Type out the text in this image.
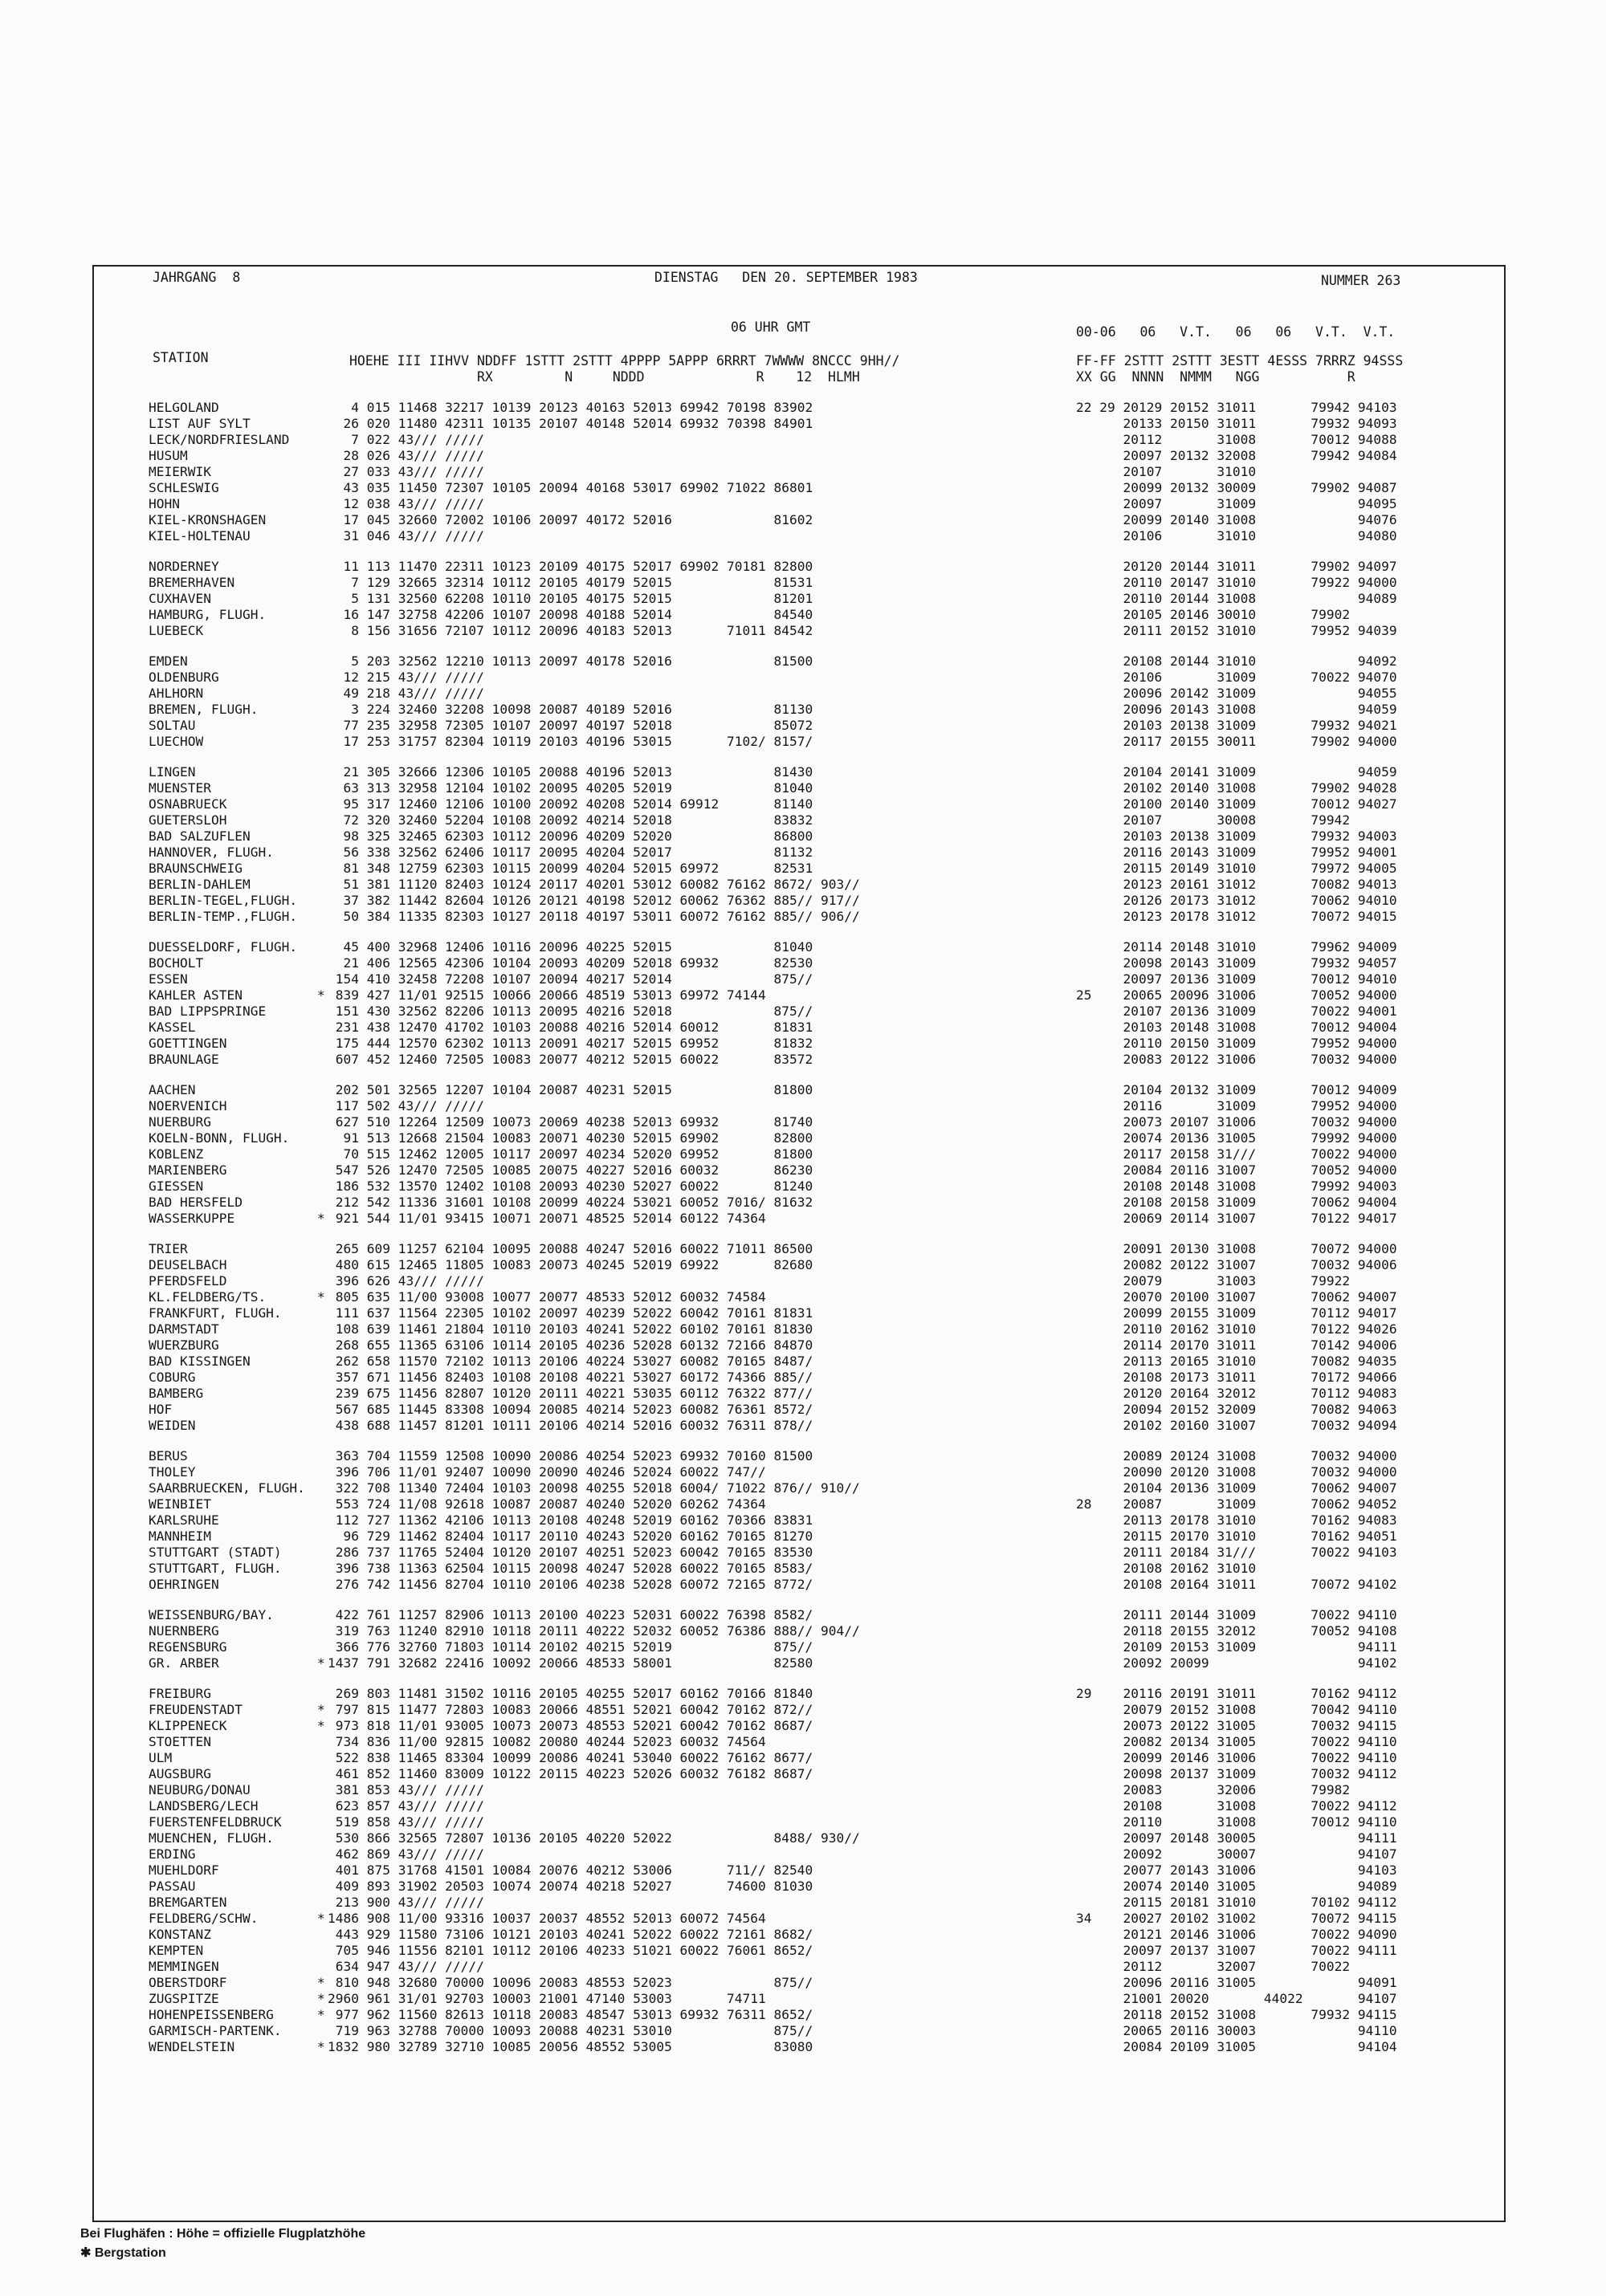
JAHRGANG  8	DIENSTAG   DEN 20. SEPTEMBER 1983	NUMMER 263
06 UHR GMT	00-06   06   V.T.   06   06   V.T.  V.T.
STATION	HOEHE III IIHVV NDDFF 1STTT 2STTT 4PPPP 5APPP 6RRRT 7WWWW 8NCCC 9HH//
RX         N     NDDD              R    12  HLMH
FF-FF 2STTT 2STTT 3ESTT 4ESSS 7RRRZ 94SSS
XX GG  NNNN  NMMM   NGG           R
HELGOLAND	4 015 11468 32217 10139 20123 40163 52013 69942 70198 83902	22 29 20129 20152 31011       79942 94103
LIST AUF SYLT	26 020 11480 42311 10135 20107 40148 52014 69932 70398 84901	20133 20150 31011       79932 94093
LECK/NORDFRIESLAND	7 022 43/// /////	20112       31008       70012 94088
HUSUM	28 026 43/// /////	20097 20132 32008       79942 94084
MEIERWIK	27 033 43/// /////	20107       31010
SCHLESWIG	43 035 11450 72307 10105 20094 40168 53017 69902 71022 86801	20099 20132 30009       79902 94087
HOHN	12 038 43/// /////	20097       31009             94095
KIEL-KRONSHAGEN	17 045 32660 72002 10106 20097 40172 52016             81602	20099 20140 31008             94076
KIEL-HOLTENAU	31 046 43/// /////	20106       31010             94080
NORDERNEY	11 113 11470 22311 10123 20109 40175 52017 69902 70181 82800	20120 20144 31011       79902 94097
BREMERHAVEN	7 129 32665 32314 10112 20105 40179 52015             81531	20110 20147 31010       79922 94000
CUXHAVEN	5 131 32560 62208 10110 20105 40175 52015             81201	20110 20144 31008             94089
HAMBURG, FLUGH.	16 147 32758 42206 10107 20098 40188 52014             84540	20105 20146 30010       79902
LUEBECK	8 156 31656 72107 10112 20096 40183 52013       71011 84542	20111 20152 31010       79952 94039
EMDEN	5 203 32562 12210 10113 20097 40178 52016             81500	20108 20144 31010             94092
OLDENBURG	12 215 43/// /////	20106       31009       70022 94070
AHLHORN	49 218 43/// /////	20096 20142 31009             94055
BREMEN, FLUGH.	3 224 32460 32208 10098 20087 40189 52016             81130	20096 20143 31008             94059
SOLTAU	77 235 32958 72305 10107 20097 40197 52018             85072	20103 20138 31009       79932 94021
LUECHOW	17 253 31757 82304 10119 20103 40196 53015       7102/ 8157/	20117 20155 30011       79902 94000
LINGEN	21 305 32666 12306 10105 20088 40196 52013             81430	20104 20141 31009             94059
MUENSTER	63 313 32958 12104 10102 20095 40205 52019             81040	20102 20140 31008       79902 94028
OSNABRUECK	95 317 12460 12106 10100 20092 40208 52014 69912       81140	20100 20140 31009       70012 94027
GUETERSLOH	72 320 32460 52204 10108 20092 40214 52018             83832	20107       30008       79942
BAD SALZUFLEN	98 325 32465 62303 10112 20096 40209 52020             86800	20103 20138 31009       79932 94003
HANNOVER, FLUGH.	56 338 32562 62406 10117 20095 40204 52017             81132	20116 20143 31009       79952 94001
BRAUNSCHWEIG	81 348 12759 62303 10115 20099 40204 52015 69972       82531	20115 20149 31010       79972 94005
BERLIN-DAHLEM	51 381 11120 82403 10124 20117 40201 53012 60082 76162 8672/ 903//	20123 20161 31012       70082 94013
BERLIN-TEGEL,FLUGH. 37 382 11442 82604 10126 20121 40198 52012 60062 76362 885// 917//	20126 20173 31012       70062 94010
BERLIN-TEMP.,FLUGH. 50 384 11335 82303 10127 20118 40197 53011 60072 76162 885// 906//	20123 20178 31012       70072 94015
DUESSELDORF, FLUGH. 45 400 32968 12406 10116 20096 40225 52015             81040	20114 20148 31010       79962 94009
BOCHOLT	21 406 12565 42306 10104 20093 40209 52018 69932       82530	20098 20143 31009       79932 94057
ESSEN	154 410 32458 72208 10107 20094 40217 52014             875//	20097 20136 31009       70012 94010
KAHLER ASTEN	* 839 427 11/01 92515 10066 20066 48519 53013 69972 74144	25    20065 20096 31006       70052 94000
BAD LIPPSPRINGE	151 430 32562 82206 10113 20095 40216 52018             875//	20107 20136 31009       70022 94001
KASSEL	231 438 12470 41702 10103 20088 40216 52014 60012       81831	20103 20148 31008       70012 94004
GOETTINGEN	175 444 12570 62302 10113 20091 40217 52015 69952       81832	20110 20150 31009       79952 94000
BRAUNLAGE	607 452 12460 72505 10083 20077 40212 52015 60022       83572	20083 20122 31006       70032 94000
AACHEN	202 501 32565 12207 10104 20087 40231 52015             81800	20104 20132 31009       70012 94009
NOERVENICH	117 502 43/// /////	20116       31009       79952 94000
NUERBURG	627 510 12264 12509 10073 20069 40238 52013 69932       81740	20073 20107 31006       70032 94000
KOELN-BONN, FLUGH.	91 513 12668 21504 10083 20071 40230 52015 69902       82800	20074 20136 31005       79992 94000
KOBLENZ	70 515 12462 12005 10117 20097 40234 52020 69952       81800	20117 20158 31///       70022 94000
MARIENBERG	547 526 12470 72505 10085 20075 40227 52016 60032       86230	20084 20116 31007       70052 94000
GIESSEN	186 532 13570 12402 10108 20093 40230 52027 60022       81240	20108 20148 31008       79992 94003
BAD HERSFELD	212 542 11336 31601 10108 20099 40224 53021 60052 7016/ 81632	20108 20158 31009       70062 94004
WASSERKUPPE	* 921 544 11/01 93415 10071 20071 48525 52014 60122 74364	20069 20114 31007       70122 94017
TRIER	265 609 11257 62104 10095 20088 40247 52016 60022 71011 86500	20091 20130 31008       70072 94000
DEUSELBACH	480 615 12465 11805 10083 20073 40245 52019 69922       82680	20082 20122 31007       70032 94006
PFERDSFELD	396 626 43/// /////	20079       31003       79922
KL.FELDBERG/TS.	* 805 635 11/00 93008 10077 20077 48533 52012 60032 74584	20070 20100 31007       70062 94007
FRANKFURT, FLUGH.	111 637 11564 22305 10102 20097 40239 52022 60042 70161 81831	20099 20155 31009       70112 94017
DARMSTADT	108 639 11461 21804 10110 20103 40241 52022 60102 70161 81830	20110 20162 31010       70122 94026
WUERZBURG	268 655 11365 63106 10114 20105 40236 52028 60132 72166 84870	20114 20170 31011       70142 94006
BAD KISSINGEN	262 658 11570 72102 10113 20106 40224 53027 60082 70165 8487/	20113 20165 31010       70082 94035
COBURG	357 671 11456 82403 10108 20108 40221 53027 60172 74366 885//	20108 20173 31011       70172 94066
BAMBERG	239 675 11456 82807 10120 20111 40221 53035 60112 76322 877//	20120 20164 32012       70112 94083
HOF	567 685 11445 83308 10094 20085 40214 52023 60082 76361 8572/	20094 20152 32009       70082 94063
WEIDEN	438 688 11457 81201 10111 20106 40214 52016 60032 76311 878//	20102 20160 31007       70032 94094
BERUS	363 704 11559 12508 10090 20086 40254 52023 69932 70160 81500	20089 20124 31008       70032 94000
THOLEY	396 706 11/01 92407 10090 20090 40246 52024 60022 747//	20090 20120 31008       70032 94000
SAARBRUECKEN, FLUGH. 322 708 11340 72404 10103 20098 40255 52018 6004/ 71022 876// 910//	20104 20136 31009       70062 94007
WEINBIET	553 724 11/08 92618 10087 20087 40240 52020 60262 74364	28    20087       31009       70062 94052
KARLSRUHE	112 727 11362 42106 10113 20108 40248 52019 60162 70366 83831	20113 20178 31010       70162 94083
MANNHEIM	96 729 11462 82404 10117 20110 40243 52020 60162 70165 81270	20115 20170 31010       70162 94051
STUTTGART (STADT)	286 737 11765 52404 10120 20107 40251 52023 60042 70165 83530	20111 20184 31///       70022 94103
STUTTGART, FLUGH.	396 738 11363 62504 10115 20098 40247 52028 60022 70165 8583/	20108 20162 31010
OEHRINGEN	276 742 11456 82704 10110 20106 40238 52028 60072 72165 8772/	20108 20164 31011       70072 94102
WEISSENBURG/BAY.	422 761 11257 82906 10113 20100 40223 52031 60022 76398 8582/	20111 20144 31009       70022 94110
NUERNBERG	319 763 11240 82910 10118 20111 40222 52032 60052 76386 888// 904//	20118 20155 32012       70052 94108
REGENSBURG	366 776 32760 71803 10114 20102 40215 52019             875//	20109 20153 31009             94111
GR. ARBER	* 1437 791 32682 22416 10092 20066 48533 58001             82580	20092 20099                   94102
FREIBURG	269 803 11481 31502 10116 20105 40255 52017 60162 70166 81840	29    20116 20191 31011       70162 94112
FREUDENSTADT	* 797 815 11477 72803 10083 20066 48551 52021 60042 70162 872//	20079 20152 31008       70042 94110
KLIPPENECK	* 973 818 11/01 93005 10073 20073 48553 52021 60042 70162 8687/	20073 20122 31005       70032 94115
STOETTEN	734 836 11/00 92815 10082 20080 40244 52023 60032 74564	20082 20134 31005       70022 94110
ULM	522 838 11465 83304 10099 20086 40241 53040 60022 76162 8677/	20099 20146 31006       70022 94110
AUGSBURG	461 852 11460 83009 10122 20115 40223 52026 60032 76182 8687/	20098 20137 31009       70032 94112
NEUBURG/DONAU	381 853 43/// /////	20083       32006       79982
LANDSBERG/LECH	623 857 43/// /////	20108       31008       70022 94112
FUERSTENFELDBRUCK	519 858 43/// /////	20110       31008       70012 94110
MUENCHEN, FLUGH.	530 866 32565 72807 10136 20105 40220 52022             8488/ 930//	20097 20148 30005             94111
ERDING	462 869 43/// /////	20092       30007             94107
MUEHLDORF	401 875 31768 41501 10084 20076 40212 53006       711// 82540	20077 20143 31006             94103
PASSAU	409 893 31902 20503 10074 20074 40218 52027       74600 81030	20074 20140 31005             94089
BREMGARTEN	213 900 43/// /////	20115 20181 31010       70102 94112
FELDBERG/SCHW.	* 1486 908 11/00 93316 10037 20037 48552 52013 60072 74564	34    20027 20102 31002       70072 94115
KONSTANZ	443 929 11580 73106 10121 20103 40241 52022 60022 72161 8682/	20121 20146 31006       70022 94090
KEMPTEN	705 946 11556 82101 10112 20106 40233 51021 60022 76061 8652/	20097 20137 31007       70022 94111
MEMMINGEN	634 947 43/// /////	20112       32007       70022
OBERSTDORF	* 810 948 32680 70000 10096 20083 48553 52023             875//	20096 20116 31005             94091
ZUGSPITZE	* 2960 961 31/01 92703 10003 21001 47140 53003       74711	21001 20020       44022       94107
HOHENPEISSENBERG	* 977 962 11560 82613 10118 20083 48547 53013 69932 76311 8652/	20118 20152 31008       79932 94115
GARMISCH-PARTENK.	719 963 32788 70000 10093 20088 40231 53010             875//	20065 20116 30003             94110
WENDELSTEIN	* 1832 980 32789 32710 10085 20056 48552 53005             83080	20084 20109 31005             94104
Bei Flughäfen : Höhe = offizielle Flugplatzhöhe
✱ Bergstation
